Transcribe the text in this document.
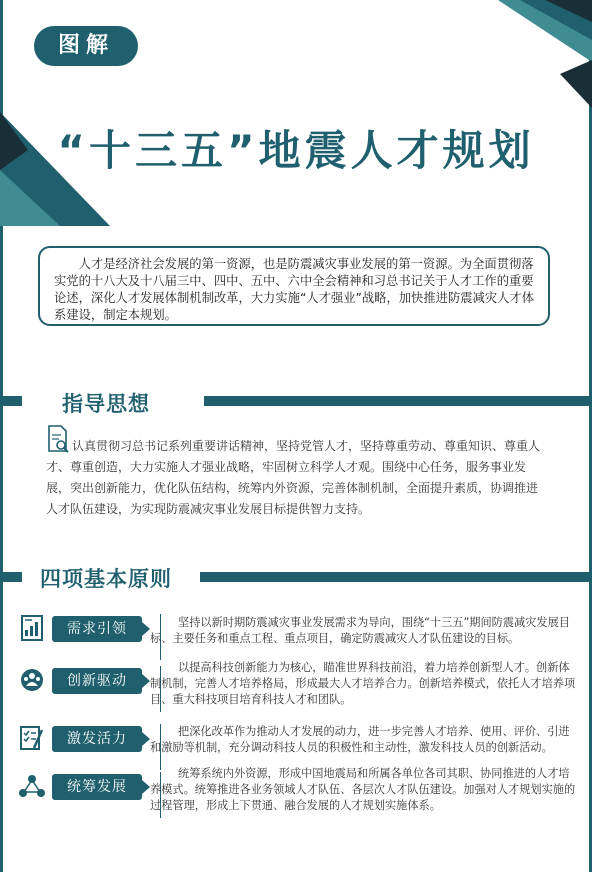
图解
“十三五”地震人才规划
人才是经济社会发展的第一资源，也是防震减灾事业发展的第一资源。为全面贯彻落实党的十八大及十八届三中、四中、五中、六中全会精神和习总书记关于人才工作的重要论述，深化人才发展体制机制改革，大力实施“人才强业”战略，加快推进防震减灾人才体系建设，制定本规划。
指导思想
认真贯彻习总书记系列重要讲话精神，坚持党管人才，坚持尊重劳动、尊重知识、尊重人才、尊重创造，大力实施人才强业战略，牢固树立科学人才观。围绕中心任务，服务事业发展，突出创新能力，优化队伍结构，统筹内外资源，完善体制机制，全面提升素质，协调推进人才队伍建设，为实现防震减灾事业发展目标提供智力支持。
四项基本原则
需求引领	坚持以新时期防震减灾事业发展需求为导向，围绕“十三五”期间防震减灾发展目标、主要任务和重点工程、重点项目，确定防震减灾人才队伍建设的目标。
创新驱动
以提高科技创新能力为核心，瞄准世界科技前沿，着力培养创新型人才。创新体制机制，完善人才培养格局，形成最大人才培养合力。创新培养模式，依托人才培养项目、重大科技项目培育科技人才和团队。
激发活力	把深化改革作为推动人才发展的动力，进一步完善人才培养、使用、评价、引进和激励等机制，充分调动科技人员的积极性和主动性，激发科技人员的创新活动。
统筹发展
统筹系统内外资源，形成中国地震局和所属各单位各司其职、协同推进的人才培养模式。统筹推进各业务领域人才队伍、各层次人才队伍建设。加强对人才规划实施的过程管理，形成上下贯通、融合发展的人才规划实施体系。
